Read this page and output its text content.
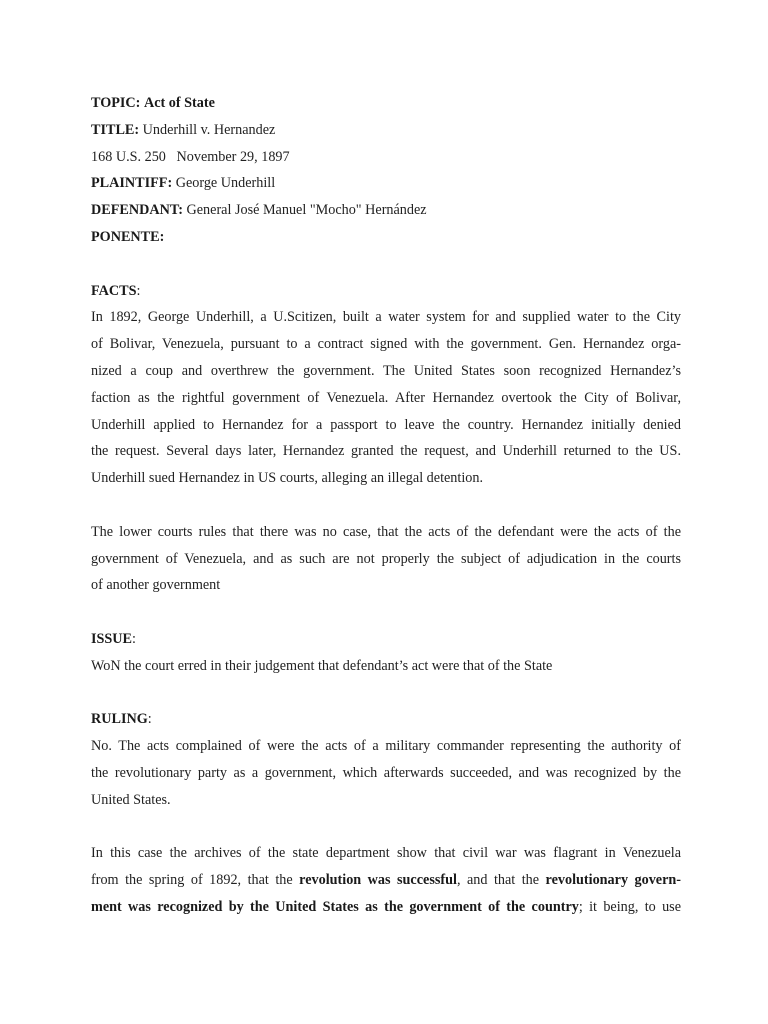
TOPIC: Act of State
TITLE: Underhill v. Hernandez
168 U.S. 250   November 29, 1897
PLAINTIFF: George Underhill
DEFENDANT: General José Manuel "Mocho" Hernández
PONENTE:
FACTS:
In 1892, George Underhill, a U.Scitizen, built a water system for and supplied water to the City
of Bolivar, Venezuela, pursuant to a contract signed with the government. Gen. Hernandez orga-
nized a coup and overthrew the government. The United States soon recognized Hernandez’s
faction as the rightful government of Venezuela. After Hernandez overtook the City of Bolivar,
Underhill applied to Hernandez for a passport to leave the country. Hernandez initially denied
the request. Several days later, Hernandez granted the request, and Underhill returned to the US.
Underhill sued Hernandez in US courts, alleging an illegal detention.
The lower courts rules that there was no case, that the acts of the defendant were the acts of the
government of Venezuela, and as such are not properly the subject of adjudication in the courts
of another government
ISSUE:
WoN the court erred in their judgement that defendant’s act were that of the State
RULING:
No. The acts complained of were the acts of a military commander representing the authority of
the revolutionary party as a government, which afterwards succeeded, and was recognized by the
United States.
In this case the archives of the state department show that civil war was flagrant in Venezuela
from the spring of 1892, that the revolution was successful, and that the revolutionary govern-
ment was recognized by the United States as the government of the country; it being, to use
